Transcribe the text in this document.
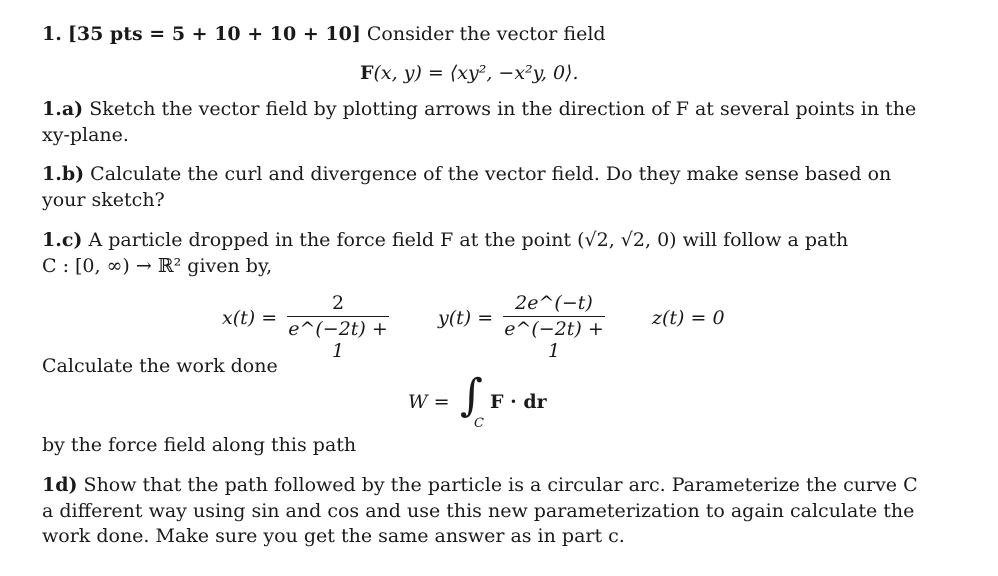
1. [35 pts = 5 + 10 + 10 + 10] Consider the vector field
F(x, y) = ⟨xy², −x²y, 0⟩.
1.a) Sketch the vector field by plotting arrows in the direction of F at several points in the
xy-plane.
1.b) Calculate the curl and divergence of the vector field. Do they make sense based on
your sketch?
1.c) A particle dropped in the force field F at the point (√2, √2, 0) will follow a path
C : [0, ∞) → ℝ² given by,
x(t) =
2
e^(−2t) + 1
y(t) =
2e^(−t)
e^(−2t) + 1
z(t) = 0
Calculate the work done
W = ∫
C
F · dr
by the force field along this path
1d) Show that the path followed by the particle is a circular arc. Parameterize the curve C
a different way using sin and cos and use this new parameterization to again calculate the
work done. Make sure you get the same answer as in part c.
